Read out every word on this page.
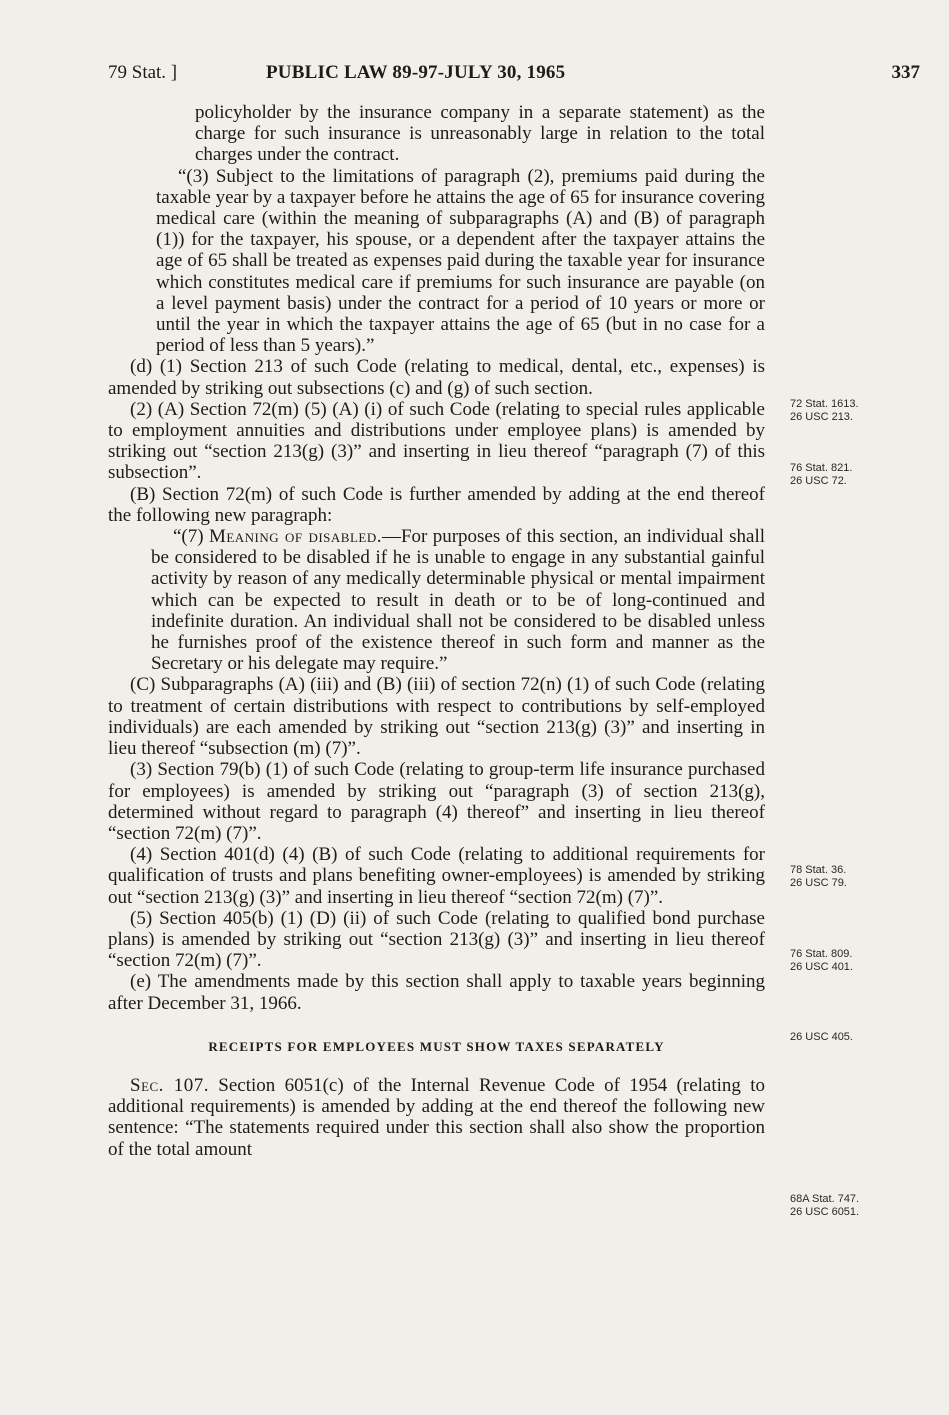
79 Stat. ]	PUBLIC LAW 89-97-JULY 30, 1965	337

policyholder by the insurance company in a separate statement) as the charge for such insurance is unreasonably large in relation to the total charges under the contract.

“(3) Subject to the limitations of paragraph (2), premiums paid during the taxable year by a taxpayer before he attains the age of 65 for insurance covering medical care (within the meaning of subparagraphs (A) and (B) of paragraph (1)) for the taxpayer, his spouse, or a dependent after the taxpayer attains the age of 65 shall be treated as expenses paid during the taxable year for insurance which constitutes medical care if premiums for such insurance are payable (on a level payment basis) under the contract for a period of 10 years or more or until the year in which the taxpayer attains the age of 65 (but in no case for a period of less than 5 years).”

(d) (1) Section 213 of such Code (relating to medical, dental, etc., expenses) is amended by striking out subsections (c) and (g) of such section.

(2) (A) Section 72(m) (5) (A) (i) of such Code (relating to special rules applicable to employment annuities and distributions under employee plans) is amended by striking out “section 213(g) (3)” and inserting in lieu thereof “paragraph (7) of this subsection”.

(B) Section 72(m) of such Code is further amended by adding at the end thereof the following new paragraph:

“(7) Meaning of disabled.—For purposes of this section, an individual shall be considered to be disabled if he is unable to engage in any substantial gainful activity by reason of any medically determinable physical or mental impairment which can be expected to result in death or to be of long-continued and indefinite duration. An individual shall not be considered to be disabled unless he furnishes proof of the existence thereof in such form and manner as the Secretary or his delegate may require.”

(C) Subparagraphs (A) (iii) and (B) (iii) of section 72(n) (1) of such Code (relating to treatment of certain distributions with respect to contributions by self-employed individuals) are each amended by striking out “section 213(g) (3)” and inserting in lieu thereof “subsection (m) (7)”.

(3) Section 79(b) (1) of such Code (relating to group-term life insurance purchased for employees) is amended by striking out “paragraph (3) of section 213(g), determined without regard to paragraph (4) thereof” and inserting in lieu thereof “section 72(m) (7)”.

(4) Section 401(d) (4) (B) of such Code (relating to additional requirements for qualification of trusts and plans benefiting owner-employees) is amended by striking out “section 213(g) (3)” and inserting in lieu thereof “section 72(m) (7)”.

(5) Section 405(b) (1) (D) (ii) of such Code (relating to qualified bond purchase plans) is amended by striking out “section 213(g) (3)” and inserting in lieu thereof “section 72(m) (7)”.

(e) The amendments made by this section shall apply to taxable years beginning after December 31, 1966.

RECEIPTS FOR EMPLOYEES MUST SHOW TAXES SEPARATELY

Sec. 107. Section 6051(c) of the Internal Revenue Code of 1954 (relating to additional requirements) is amended by adding at the end thereof the following new sentence: “The statements required under this section shall also show the proportion of the total amount

72 Stat. 1613.
26 USC 213.
76 Stat. 821.
26 USC 72.
78 Stat. 36.
26 USC 79.
76 Stat. 809.
26 USC 401.
26 USC 405.
68A Stat. 747.
26 USC 6051.
